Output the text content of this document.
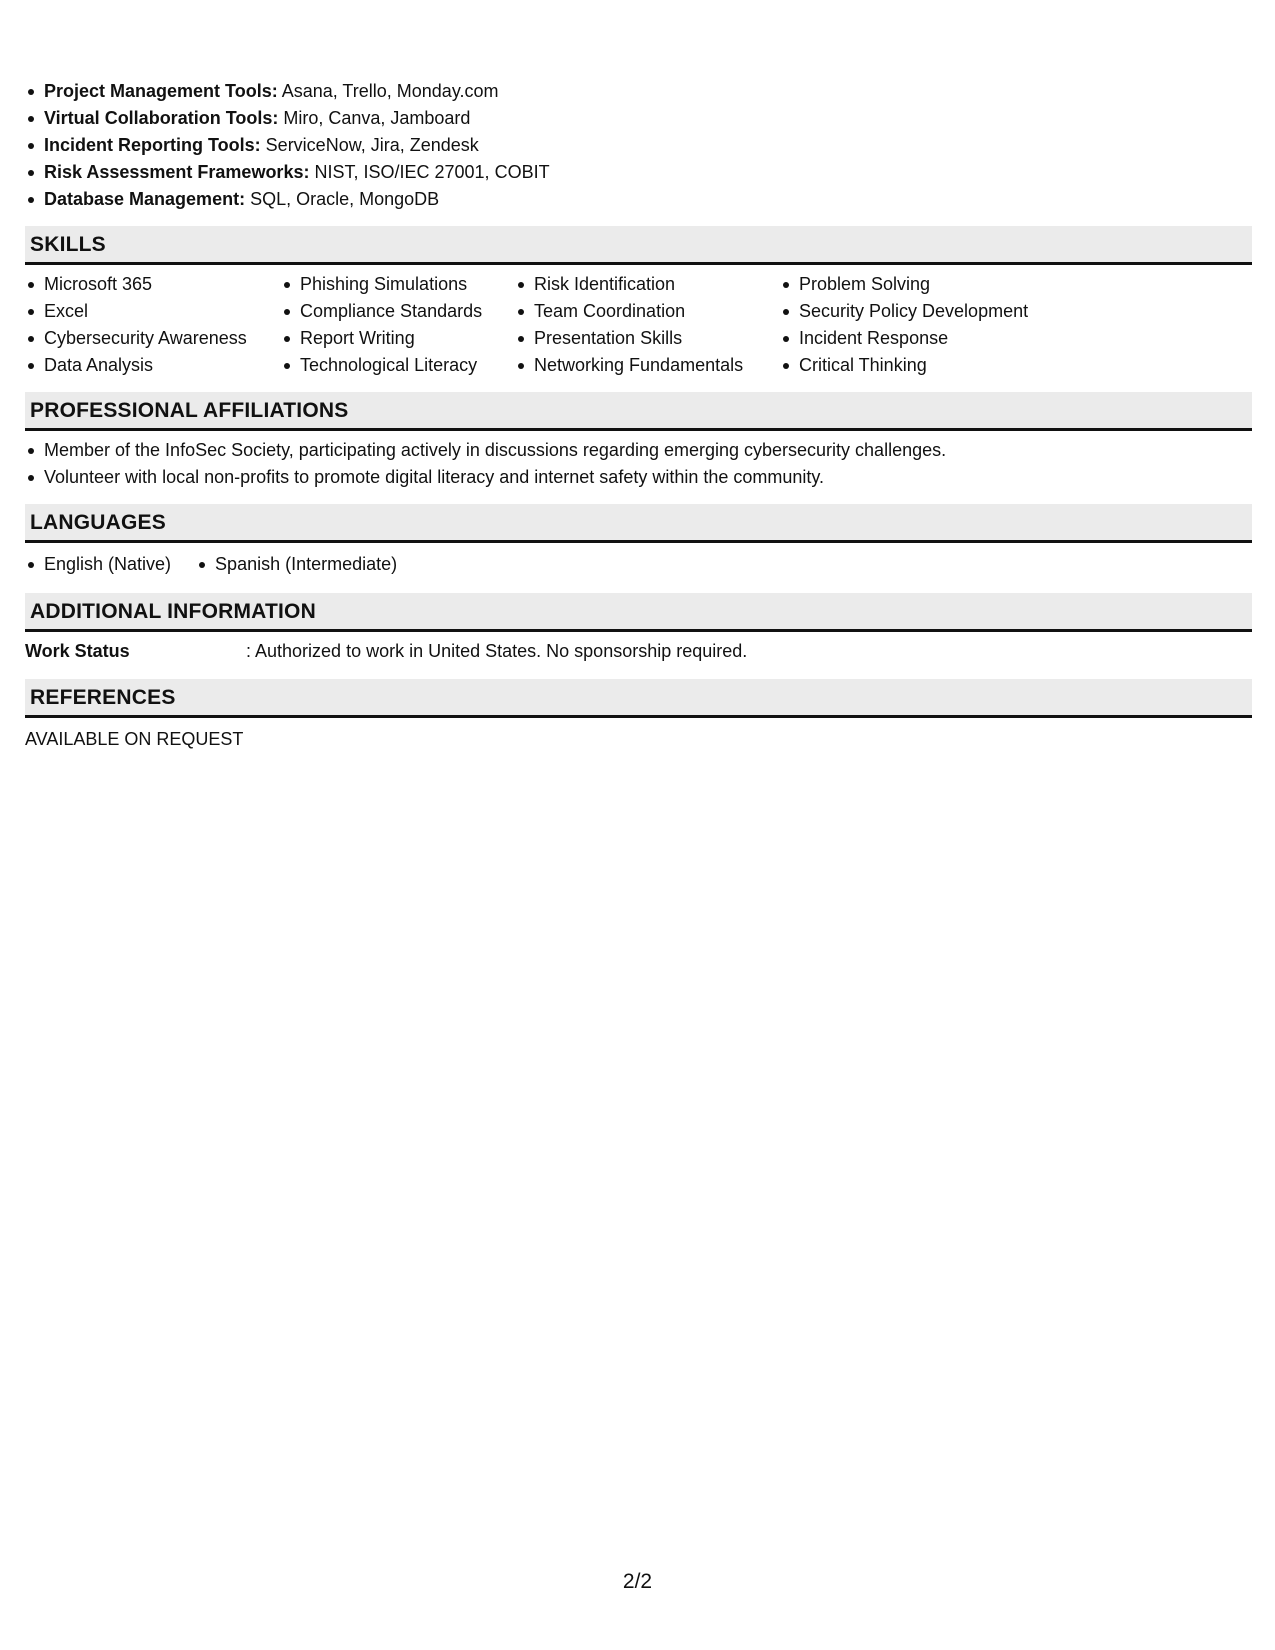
Project Management Tools: Asana, Trello, Monday.com
Virtual Collaboration Tools: Miro, Canva, Jamboard
Incident Reporting Tools: ServiceNow, Jira, Zendesk
Risk Assessment Frameworks: NIST, ISO/IEC 27001, COBIT
Database Management: SQL, Oracle, MongoDB
SKILLS
Microsoft 365
Excel
Cybersecurity Awareness
Data Analysis
Phishing Simulations
Compliance Standards
Report Writing
Technological Literacy
Risk Identification
Team Coordination
Presentation Skills
Networking Fundamentals
Problem Solving
Security Policy Development
Incident Response
Critical Thinking
PROFESSIONAL AFFILIATIONS
Member of the InfoSec Society, participating actively in discussions regarding emerging cybersecurity challenges.
Volunteer with local non-profits to promote digital literacy and internet safety within the community.
LANGUAGES
English (Native)	Spanish (Intermediate)
ADDITIONAL INFORMATION
Work Status	: Authorized to work in United States. No sponsorship required.
REFERENCES
AVAILABLE ON REQUEST
2/2
